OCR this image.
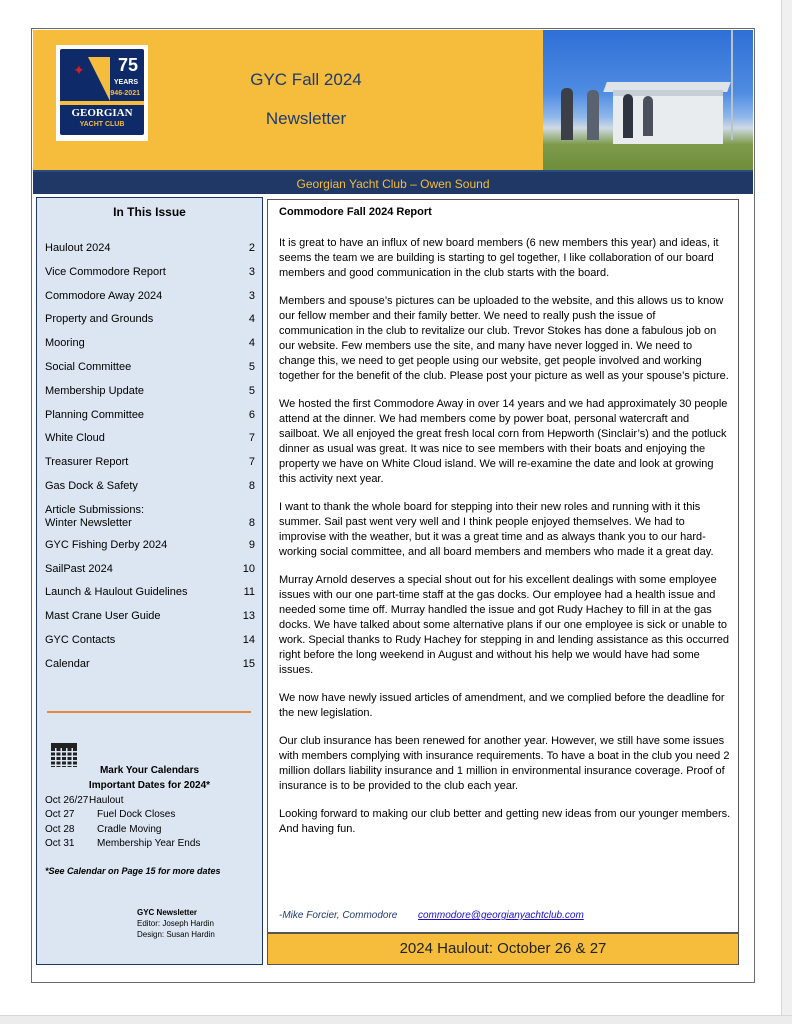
✦ 75
YEARS
1946-2021
GEORGIAN
YACHT CLUB
GYC Fall 2024
Newsletter
Georgian Yacht Club – Owen Sound
In This Issue
Haulout 2024	2
Vice Commodore Report	3
Commodore Away 2024	3
Property and Grounds	4
Mooring	4
Social Committee	5
Membership Update	5
Planning Committee	6
White Cloud	7
Treasurer Report	7
Gas Dock & Safety	8
Article Submissions:
Winter Newsletter	8
GYC Fishing Derby 2024	9
SailPast 2024	10
Launch & Haulout Guidelines	11
Mast Crane User Guide	13
GYC Contacts	14
Calendar	15
Mark Your Calendars
Important Dates for 2024*
Oct 26/27 Haulout
Oct 27 Fuel Dock Closes
Oct 28 Cradle Moving
Oct 31 Membership Year Ends
*See Calendar on Page 15 for more dates
GYC Newsletter
Editor: Joseph Hardin
Design: Susan Hardin
Commodore Fall 2024 Report

It is great to have an influx of new board members (6 new members this year) and ideas, it seems the team we are building is starting to gel together, I like collaboration of our board members and good communication in the club starts with the board.

Members and spouse’s pictures can be uploaded to the website, and this allows us to know our fellow member and their family better. We need to really push the issue of communication in the club to revitalize our club. Trevor Stokes has done a fabulous job on our website. Few members use the site, and many have never logged in. We need to change this, we need to get people using our website, get people involved and working together for the benefit of the club. Please post your picture as well as your spouse’s picture.

We hosted the first Commodore Away in over 14 years and we had approximately 30 people attend at the dinner. We had members come by power boat, personal watercraft and sailboat. We all enjoyed the great fresh local corn from Hepworth (Sinclair’s) and the potluck dinner as usual was great. It was nice to see members with their boats and enjoying the property we have on White Cloud island. We will re-examine the date and look at growing this activity next year.

I want to thank the whole board for stepping into their new roles and running with it this summer. Sail past went very well and I think people enjoyed themselves. We had to improvise with the weather, but it was a great time and as always thank you to our hard-working social committee, and all board members and members who made it a great day.

Murray Arnold deserves a special shout out for his excellent dealings with some employee issues with our one part-time staff at the gas docks. Our employee had a health issue and needed some time off. Murray handled the issue and got Rudy Hachey to fill in at the gas docks. We have talked about some alternative plans if our one employee is sick or unable to work. Special thanks to Rudy Hachey for stepping in and lending assistance as this occurred right before the long weekend in August and without his help we would have had some issues.

We now have newly issued articles of amendment, and we complied before the deadline for the new legislation.

Our club insurance has been renewed for another year. However, we still have some issues with members complying with insurance requirements. To have a boat in the club you need 2 million dollars liability insurance and 1 million in environmental insurance coverage. Proof of insurance is to be provided to the club each year.

Looking forward to making our club better and getting new ideas from our younger members. And having fun.

-Mike Forcier, Commodore commodore@georgianyachtclub.com
2024 Haulout: October 26 & 27
